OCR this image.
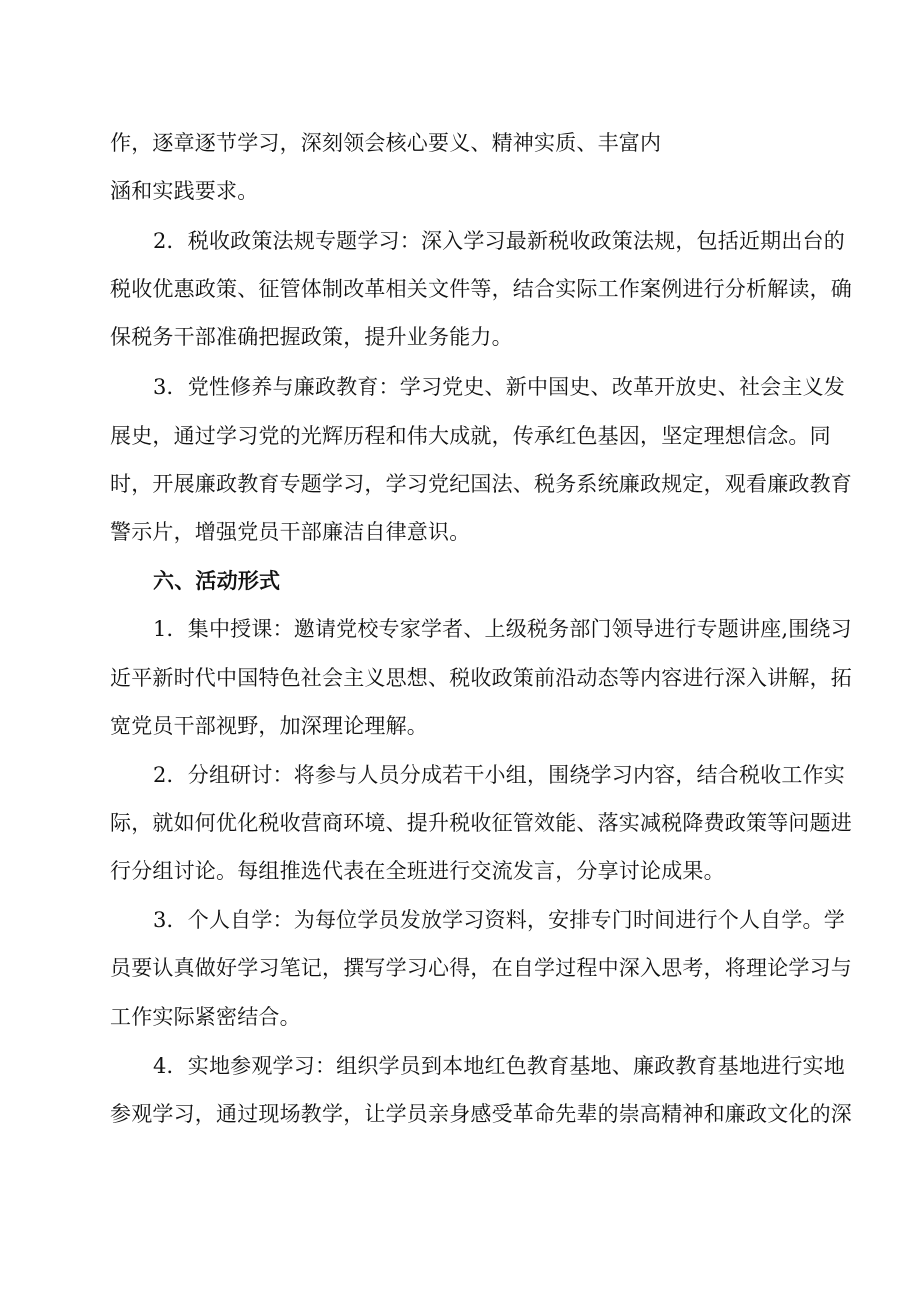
作，逐章逐节学习，深刻领会核心要义、精神实质、丰富内
涵和实践要求。
2．税收政策法规专题学习：深入学习最新税收政策法规，包括近期出台的
税收优惠政策、征管体制改革相关文件等，结合实际工作案例进行分析解读，确
保税务干部准确把握政策，提升业务能力。
3．党性修养与廉政教育：学习党史、新中国史、改革开放史、社会主义发
展史，通过学习党的光辉历程和伟大成就，传承红色基因，坚定理想信念。同
时，开展廉政教育专题学习，学习党纪国法、税务系统廉政规定，观看廉政教育
警示片，增强党员干部廉洁自律意识。
六、活动形式
1．集中授课：邀请党校专家学者、上级税务部门领导进行专题讲座,围绕习
近平新时代中国特色社会主义思想、税收政策前沿动态等内容进行深入讲解，拓
宽党员干部视野，加深理论理解。
2．分组研讨：将参与人员分成若干小组，围绕学习内容，结合税收工作实
际，就如何优化税收营商环境、提升税收征管效能、落实减税降费政策等问题进
行分组讨论。每组推选代表在全班进行交流发言，分享讨论成果。
3．个人自学：为每位学员发放学习资料，安排专门时间进行个人自学。学
员要认真做好学习笔记，撰写学习心得，在自学过程中深入思考，将理论学习与
工作实际紧密结合。
4．实地参观学习：组织学员到本地红色教育基地、廉政教育基地进行实地
参观学习，通过现场教学，让学员亲身感受革命先辈的崇高精神和廉政文化的深
